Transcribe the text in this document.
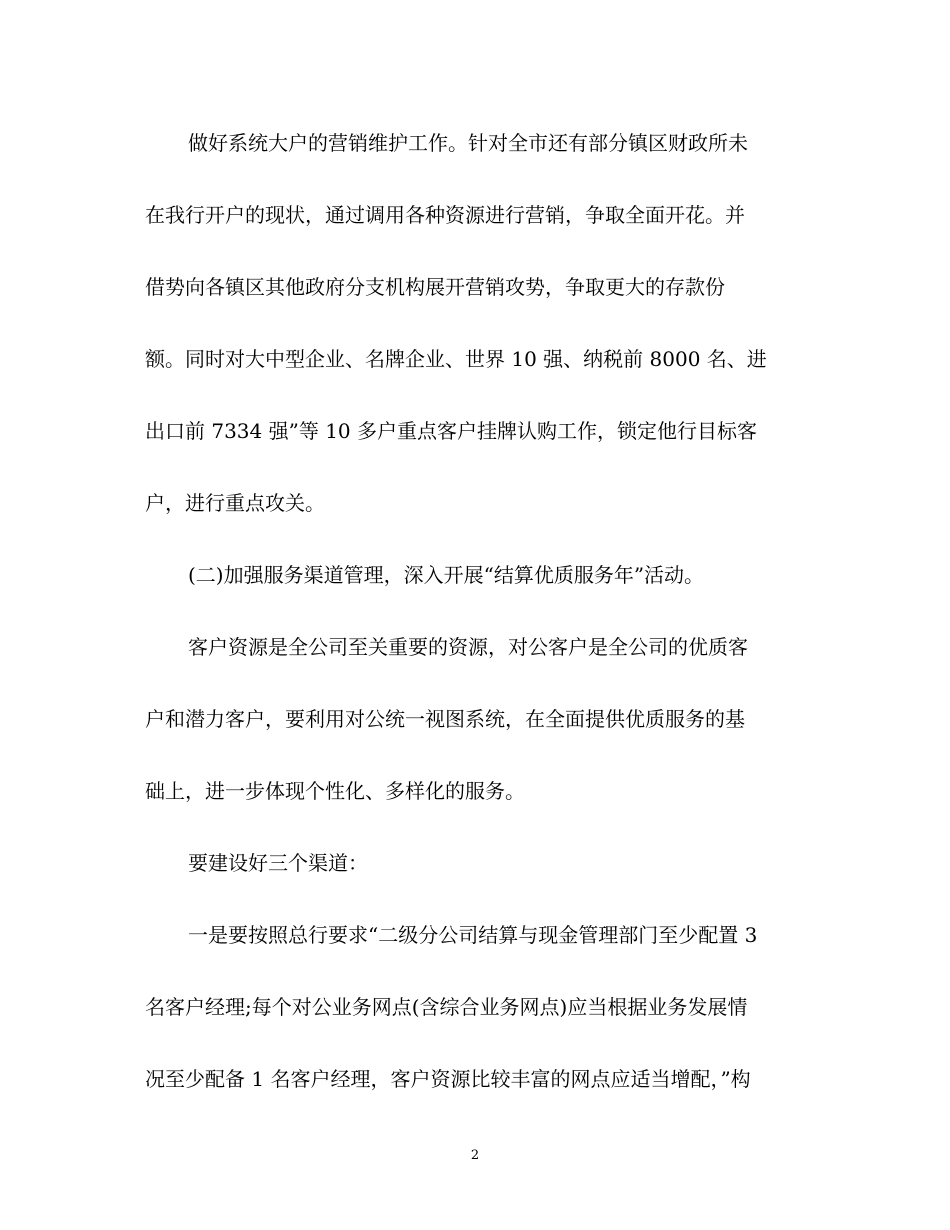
做好系统大户的营销维护工作。针对全市还有部分镇区财政所未
在我行开户的现状，通过调用各种资源进行营销，争取全面开花。并
借势向各镇区其他政府分支机构展开营销攻势，争取更大的存款份
额。同时对大中型企业、名牌企业、世界 10 强、纳税前 8000 名、进
出口前 7334 强”等 10 多户重点客户挂牌认购工作，锁定他行目标客
户，进行重点攻关。
(二)加强服务渠道管理，深入开展“结算优质服务年”活动。
客户资源是全公司至关重要的资源，对公客户是全公司的优质客
户和潜力客户，要利用对公统一视图系统，在全面提供优质服务的基
础上，进一步体现个性化、多样化的服务。
要建设好三个渠道：
一是要按照总行要求“二级分公司结算与现金管理部门至少配置 3
名客户经理;每个对公业务网点(含综合业务网点)应当根据业务发展情
况至少配备 1 名客户经理，客户资源比较丰富的网点应适当增配，”构
2
